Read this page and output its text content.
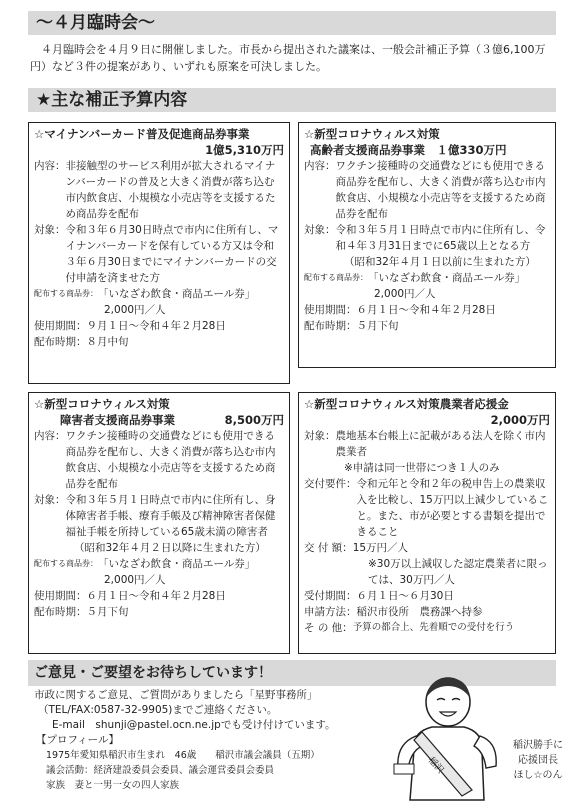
～４月臨時会～
４月臨時会を４月９日に開催しました。市長から提出された議案は、一般会計補正予算（３億6,100万円）など３件の提案があり、いずれも原案を可決しました。
★主な補正予算内容
☆マイナンバーカード普及促進商品券事業
1億5,310万円
内容： 非接触型のサービス利用が拡大されるマイナンバーカードの普及と大きく消費が落ち込む市内飲食店、小規模な小売店等を支援するため商品券を配布
対象： 令和３年６月30日時点で市内に住所有し、マイナンバーカードを保有している方又は令和３年６月30日までにマイナンバーカードの交付申請を済ませた方
配布する商品券： 「いなざわ飲食・商品エール券」
2,000円／人
使用期間： ９月１日～令和４年２月28日
配布時期： ８月中旬
☆新型コロナウィルス対策
高齢者支援商品券事業　１億330万円
内容： ワクチン接種時の交通費などにも使用できる商品券を配布し、大きく消費が落ち込む市内飲食店、小規模な小売店等を支援するため商品券を配布
対象： 令和３年５月１日時点で市内に住所有し、令和４年３月31日までに65歳以上となる方
（昭和32年４月１日以前に生まれた方）
配布する商品券： 「いなざわ飲食・商品エール券」
2,000円／人
使用期間： ６月１日～令和４年２月28日
配布時期： ５月下旬
☆新型コロナウィルス対策
障害者支援商品券事業	8,500万円
内容： ワクチン接種時の交通費などにも使用できる商品券を配布し、大きく消費が落ち込む市内飲食店、小規模な小売店等を支援するため商品券を配布
対象： 令和３年５月１日時点で市内に住所有し、身体障害者手帳、療育手帳及び精神障害者保健福祉手帳を所持している65歳未満の障害者
（昭和32年４月２日以降に生まれた方）
配布する商品券： 「いなざわ飲食・商品エール券」
2,000円／人
使用期間： ６月１日～令和４年２月28日
配布時期： ５月下旬
☆新型コロナウィルス対策農業者応援金
2,000万円
対象： 農地基本台帳上に記載がある法人を除く市内農業者
※申請は同一世帯につき１人のみ
交付要件： 令和元年と令和２年の税申告上の農業収入を比較し、15万円以上減少していること。また、市が必要とする書類を提出できること
交 付 額： 15万円／人
※30万以上減収した認定農業者に限っては、30万円／人
受付期間： ６月１日～６月30日
申請方法： 稲沢市役所　農務課へ持参
そ の 他： 予算の都合上、先着順での受付を行う
ご意見・ご要望をお待ちしています！
市政に関するご意見、ご質問がありましたら「星野事務所」
（TEL/FAX:0587-32-9905)までご連絡ください。
E-mail　shunji@pastel.ocn.ne.jpでも受け付けています。
【プロフィール】
1975年愛知県稲沢市生まれ　46歳　　稲沢市議会議員（五期）
議会活動：経済建設委員会委員、議会運営委員会委員
家族　妻と一男一女の四人家族
稲沢
稲沢勝手に
応援団長
ほし☆のん
